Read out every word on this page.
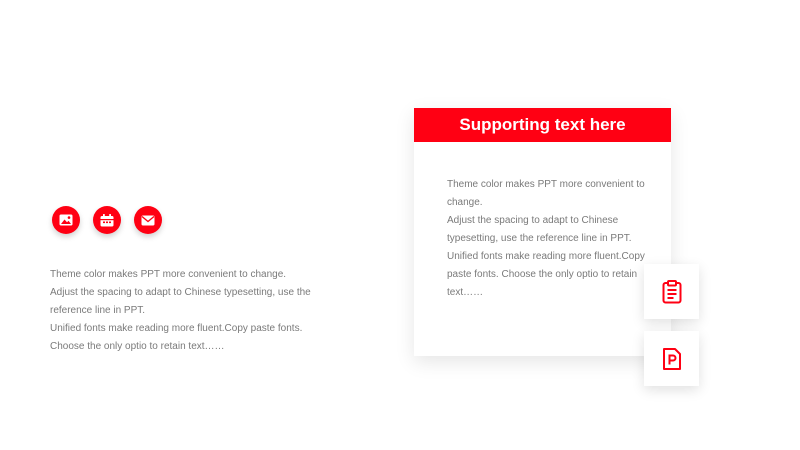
Theme color makes PPT more convenient to change.

Adjust the spacing to adapt to Chinese typesetting, use the reference line in PPT.

Unified fonts make reading more fluent.Copy paste fonts. Choose the only optio to retain text……

Supporting text here

Theme color makes PPT more convenient to change.

Adjust the spacing to adapt to Chinese typesetting, use the reference line in PPT.

Unified fonts make reading more fluent.Copy paste fonts. Choose the only optio to retain text……
